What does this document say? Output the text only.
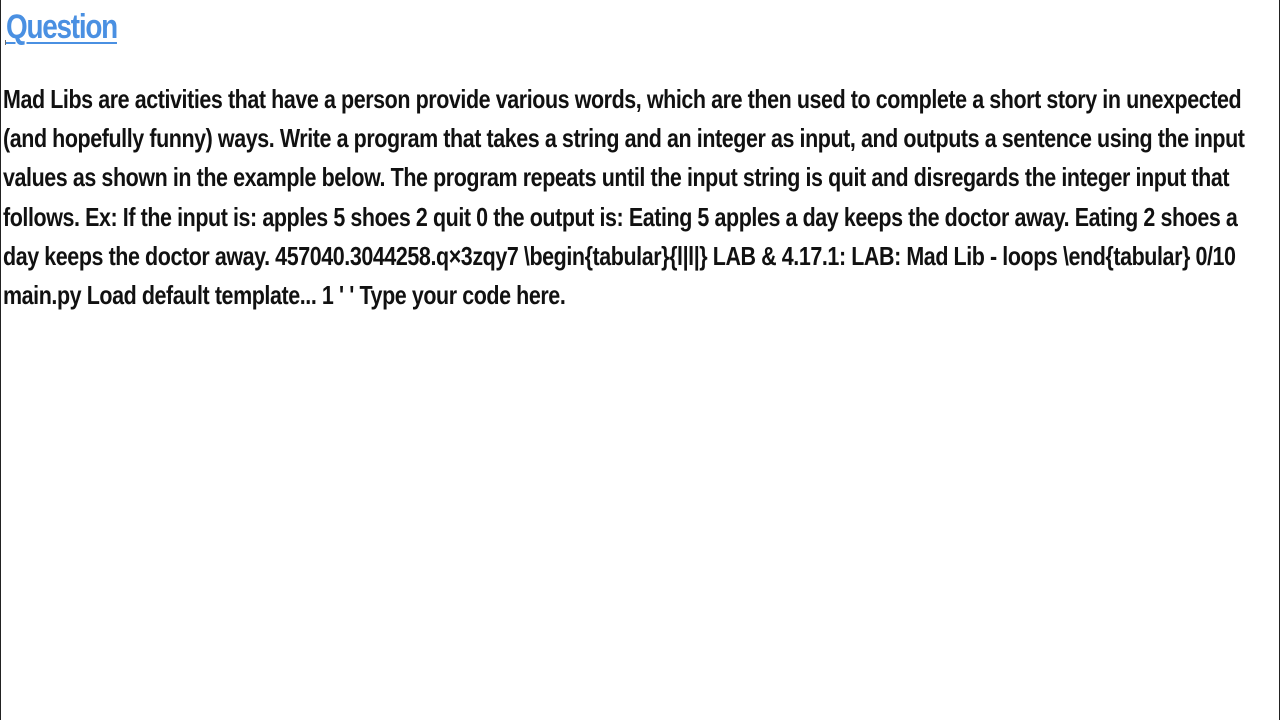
Question

Mad Libs are activities that have a person provide various words, which are then used to complete a short story in unexpected (and hopefully funny) ways. Write a program that takes a string and an integer as input, and outputs a sentence using the input values as shown in the example below. The program repeats until the input string is quit and disregards the integer input that follows. Ex: If the input is: apples 5 shoes 2 quit 0 the output is: Eating 5 apples a day keeps the doctor away. Eating 2 shoes a day keeps the doctor away. 457040.3044258.q×3zqy7 \begin{tabular}{l|l|} LAB & 4.17.1: LAB: Mad Lib - loops \end{tabular} 0/10 main.py Load default template... 1 ' ' Type your code here.
